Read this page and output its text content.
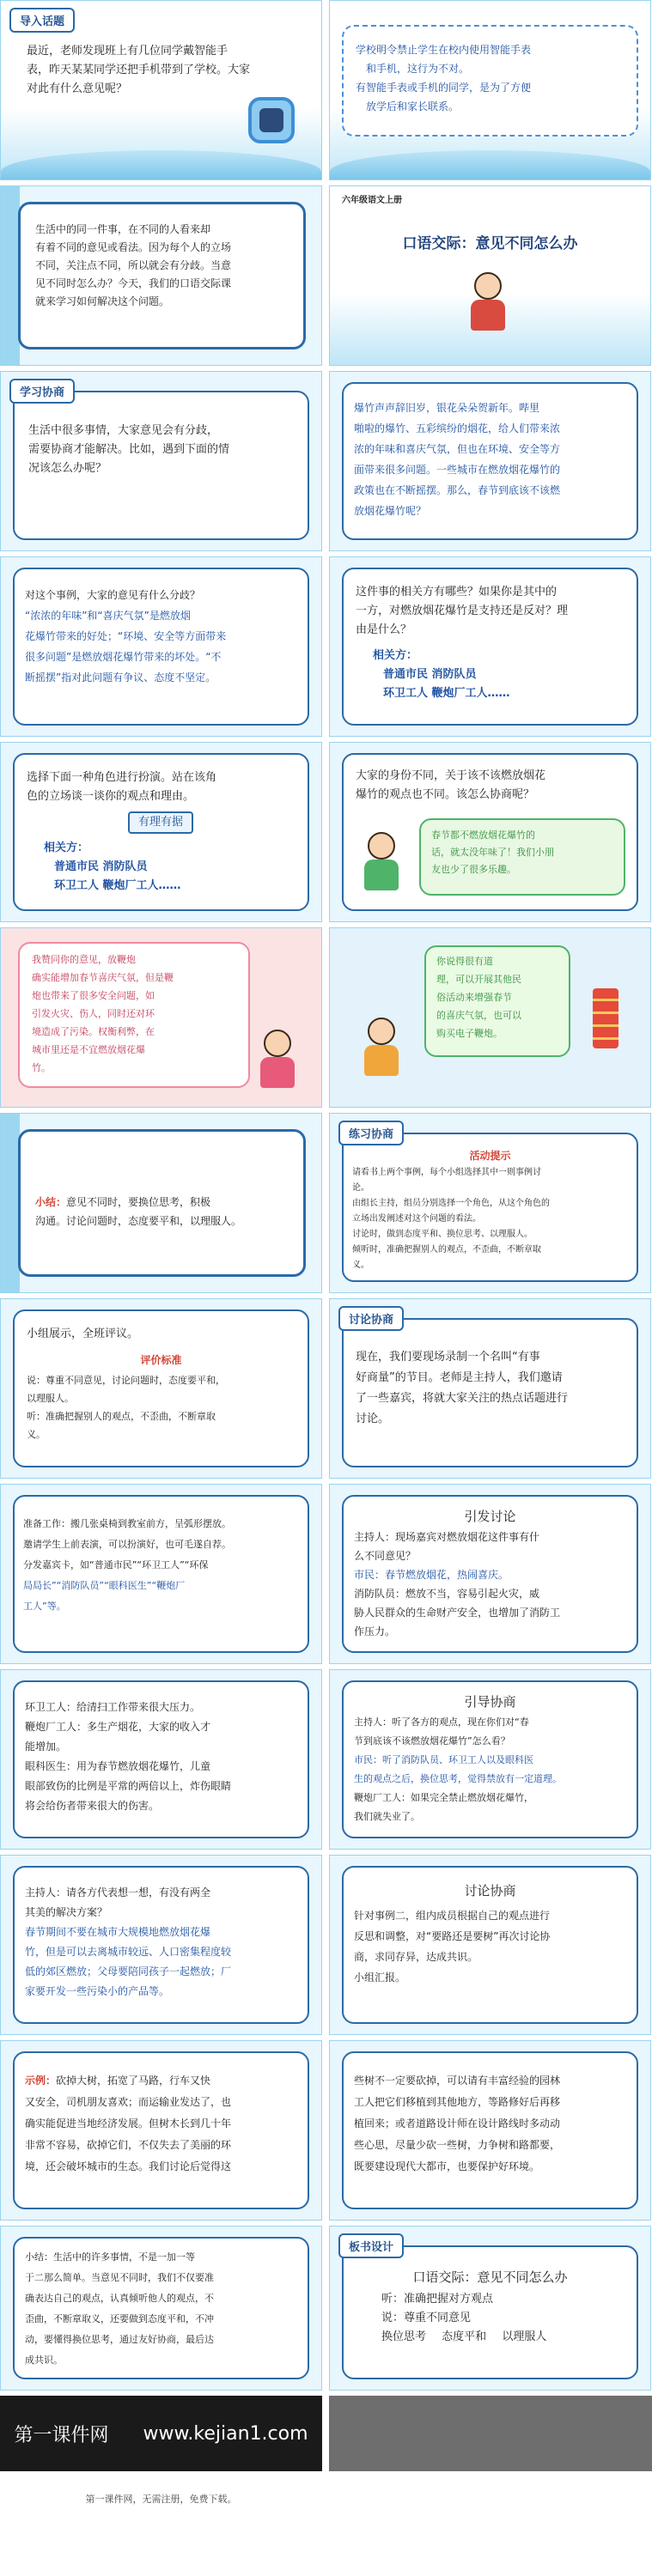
导入话题
最近，老师发现班上有几位同学戴智能手
表，昨天某某同学还把手机带到了学校。大家
对此有什么意见呢？
学校明令禁止学生在校内使用智能手表
和手机，这行为不对。
有智能手表或手机的同学，是为了方便
放学后和家长联系。
生活中的同一件事，在不同的人看来却
有着不同的意见或看法。因为每个人的立场
不同，关注点不同，所以就会有分歧。当意
见不同时怎么办？今天，我们的口语交际课
就来学习如何解决这个问题。
六年级语文上册
口语交际：意见不同怎么办
学习协商
生活中很多事情，大家意见会有分歧，
需要协商才能解决。比如，遇到下面的情
况该怎么办呢？
爆竹声声辞旧岁，银花朵朵贺新年。哔里
啪啦的爆竹、五彩缤纷的烟花，给人们带来浓
浓的年味和喜庆气氛，但也在环境、安全等方
面带来很多问题。一些城市在燃放烟花爆竹的
政策也在不断摇摆。那么，春节到底该不该燃
放烟花爆竹呢？
对这个事例，大家的意见有什么分歧？
“浓浓的年味”和“喜庆气氛”是燃放烟
花爆竹带来的好处；“环境、安全等方面带来
很多问题”是燃放烟花爆竹带来的坏处。“不
断摇摆”指对此问题有争议、态度不坚定。
这件事的相关方有哪些？如果你是其中的
一方，对燃放烟花爆竹是支持还是反对？理
由是什么？
相关方：
普通市民 消防队员
环卫工人 鞭炮厂工人……
选择下面一种角色进行扮演。站在该角
色的立场谈一谈你的观点和理由。
有理有据
相关方：
普通市民 消防队员
环卫工人 鞭炮厂工人……
大家的身份不同，关于该不该燃放烟花
爆竹的观点也不同。该怎么协商呢？
春节都不燃放烟花爆竹的
话，就太没年味了！我们小朋
友也少了很多乐趣。
我赞同你的意见，放鞭炮
确实能增加春节喜庆气氛，但是鞭
炮也带来了很多安全问题，如
引发火灾、伤人，同时还对环
境造成了污染。权衡利弊，在
城市里还是不宜燃放烟花爆
竹。
你说得很有道
理，可以开展其他民
俗活动来增强春节
的喜庆气氛，也可以
购买电子鞭炮。
小结：意见不同时，要换位思考，积极
沟通。讨论问题时，态度要平和，以理服人。
练习协商
活动提示
请看书上两个事例，每个小组选择其中一则事例讨
论。
由组长主持，组员分别选择一个角色，从这个角色的
立场出发阐述对这个问题的看法。
讨论时，做到态度平和、换位思考、以理服人。
倾听时，准确把握别人的观点，不歪曲，不断章取
义。
小组展示，全班评议。
评价标准
说：尊重不同意见，讨论问题时，态度要平和，
以理服人。
听：准确把握别人的观点，不歪曲，不断章取
义。
讨论协商
现在，我们要现场录制一个名叫“有事
好商量”的节目。老师是主持人，我们邀请
了一些嘉宾，将就大家关注的热点话题进行
讨论。
准备工作：搬几张桌椅到教室前方，呈弧形摆放。
邀请学生上前表演，可以扮演好，也可毛遂自荐。
分发嘉宾卡，如“普通市民”“环卫工人”“环保
局局长”“消防队员”“眼科医生”“鞭炮厂
工人”等。
引发讨论
主持人：现场嘉宾对燃放烟花这件事有什
么不同意见？
市民：春节燃放烟花，热闹喜庆。
消防队员：燃放不当，容易引起火灾，威
胁人民群众的生命财产安全，也增加了消防工
作压力。
环卫工人：给清扫工作带来很大压力。
鞭炮厂工人：多生产烟花，大家的收入才
能增加。
眼科医生：用为春节燃放烟花爆竹，儿童
眼部致伤的比例是平常的两倍以上，炸伤眼睛
将会给伤者带来很大的伤害。
引导协商
主持人：听了各方的观点，现在你们对“春
节到底该不该燃放烟花爆竹”怎么看？
市民：听了消防队员、环卫工人以及眼科医
生的观点之后，换位思考，觉得禁放有一定道理。
鞭炮厂工人：如果完全禁止燃放烟花爆竹，
我们就失业了。
主持人：请各方代表想一想，有没有两全
其美的解决方案？
春节期间不要在城市大规模地燃放烟花爆
竹，但是可以去离城市较远、人口密集程度较
低的郊区燃放；父母要陪同孩子一起燃放；厂
家要开发一些污染小的产品等。
讨论协商
针对事例二，组内成员根据自己的观点进行
反思和调整，对“要路还是要树”再次讨论协
商，求同存异，达成共识。
小组汇报。
示例：砍掉大树，拓宽了马路，行车又快
又安全，司机朋友喜欢；而运输业发达了，也
确实能促进当地经济发展。但树木长到几十年
非常不容易，砍掉它们，不仅失去了美丽的环
境，还会破坏城市的生态。我们讨论后觉得这
些树不一定要砍掉，可以请有丰富经验的园林
工人把它们移植到其他地方，等路修好后再移
植回来；或者道路设计师在设计路线时多动动
些心思，尽量少砍一些树，力争树和路都要，
既要建设现代大都市，也要保护好环境。
小结：生活中的许多事情，不是一加一等
于二那么简单。当意见不同时，我们不仅要准
确表达自己的观点，认真倾听他人的观点，不
歪曲，不断章取义，还要做到态度平和，不冲
动，要懂得换位思考，通过友好协商，最后达
成共识。
板书设计
口语交际：意见不同怎么办
听：准确把握对方观点
说：尊重不同意见
换位思考 态度平和 以理服人
第一课件网 www.kejian1.com
第一课件网，无需注册，免费下载。
